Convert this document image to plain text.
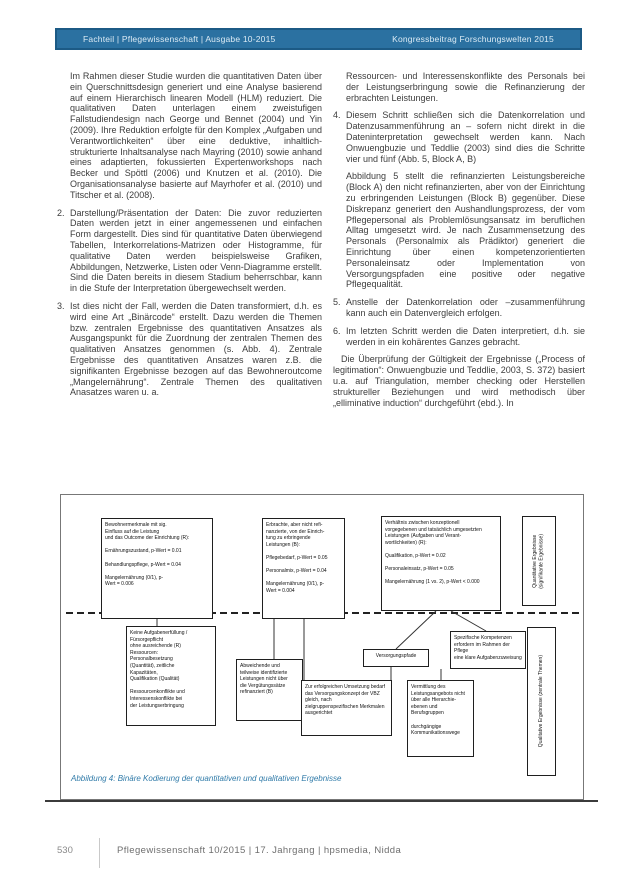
Fachteil | Pflegewissenschaft | Ausgabe 10-2015	Kongressbeitrag Forschungswelten 2015
Im Rahmen dieser Studie wurden die quantitativen Daten über ein Querschnittsdesign generiert und eine Analyse basierend auf einem Hierarchisch linearen Modell (HLM) reduziert. Die qualitativen Daten unterlagen einem zweistufigen Fallstudiendesign nach George und Bennet (2004) und Yin (2009). Ihre Reduktion erfolgte für den Komplex „Aufgaben und Verantwortlichkeiten“ über eine deduktive, inhaltlich-strukturierte Inhaltsanalyse nach Mayring (2010) sowie anhand eines adaptierten, fokussierten Expertenworkshops nach Becker und Spöttl (2006) und Knutzen et al. (2010). Die Organisationsanalyse basierte auf Mayrhofer et al. (2010) und Titscher et al. (2008).
2. Darstellung/Präsentation der Daten: Die zuvor reduzierten Daten werden jetzt in einer angemessenen und einfachen Form dargestellt. Dies sind für quantitative Daten überwiegend Tabellen, Interkorrelations-Matrizen oder Histogramme, für qualitative Daten werden beispielsweise Grafiken, Abbildungen, Netzwerke, Listen oder Venn-Diagramme erstellt. Sind die Daten bereits in diesem Stadium beherrschbar, kann in die Stufe der Interpretation übergewechselt werden.
3. Ist dies nicht der Fall, werden die Daten transformiert, d.h. es wird eine Art „Binärcode“ erstellt. Dazu werden die Themen bzw. zentralen Ergebnisse des quantitativen Ansatzes als Ausgangspunkt für die Zuordnung der zentralen Themen des qualitativen Ansatzes genommen (s. Abb. 4). Zentrale Ergebnisse des quantitativen Ansatzes waren z.B. die signifikanten Ergebnisse bezogen auf das Bewohneroutcome „Mangelernährung“. Zentrale Themen des qualitativen Anasatzes waren u. a.
Ressourcen- und Interessenskonflikte des Personals bei der Leistungserbringung sowie die Refinanzierung der erbrachten Leistungen.
4. Diesem Schritt schließen sich die Datenkorrelation und Datenzusammenführung an – sofern nicht direkt in die Dateninterpretation gewechselt werden kann. Nach Onwuengbuzie und Teddlie (2003) sind dies die Schritte vier und fünf (Abb. 5, Block A, B)
Abbildung 5 stellt die refinanzierten Leistungsbereiche (Block A) den nicht refinanzierten, aber von der Einrichtung zu erbringenden Leistungen (Block B) gegenüber. Diese Diskrepanz generiert den Aushandlungsprozess, der vom Pflegepersonal als Problemlösungsansatz im beruflichen Alltag umgesetzt wird. Je nach Zusammensetzung des Personals (Personalmix als Prädiktor) generiert die Einrichtung über einen kompetenzorientierten Personaleinsatz oder Implementation von Versorgungspfaden eine positive oder negative Pflegequalität.
5. Anstelle der Datenkorrelation oder –zusammenführung kann auch ein Datenvergleich erfolgen.
6. Im letzten Schritt werden die Daten interpretiert, d.h. sie werden in ein kohärentes Ganzes gebracht.
Die Überprüfung der Gültigkeit der Ergebnisse („Process of legitimation“: Onwuengbuzie und Teddlie, 2003, S. 372) basiert u.a. auf Triangulation, member checking oder Herstellen struktureller Beziehungen und wird methodisch über „elliminative induction“ durchgeführt (ebd.). In
Bewohnermerkmale mit sig.
Einfluss auf die Leistung
und das Outcome der Einrichtung (R):

Ernährungszustand, p-Wert = 0.01

Behandlungspflege, p-Wert = 0.04

Mangelernährung (0/1), p-
Wert = 0.006
Erbrachte, aber nicht refi-
nanzierte, von der Einrich-
tung zu erbringende
Leistungen (B):

Pflegebedarf, p-Wert = 0.05

Personalmix, p-Wert = 0.04

Mangelernährung (0/1), p-
Wert = 0.004
Verhältnis zwischen konzeptionell
vorgegebenen und tatsächlich umgesetzten
Leistungen (Aufgaben und Verant-
wortlichkeiten) (R):

Qualifikation, p-Wert = 0.02

Personaleinsatz, p-Wert = 0.05

Mangelernährung (1 vs. 2), p-Wert < 0.000	Quantitative Ergebnisse
(signifikante Ergebnisse)
Keine Aufgabenerfüllung /
Fürsorgepflicht
ohne ausreichende (R)
Ressourcen:
Personalbesetzung
(Quantität), zeitliche
Kapazitäten,
Qualifikation (Qualität)

Ressourcenkonflikte und
Interessenskonflikte bei
der Leistungserbringung
Abweichende und
teilweise identifizierte
Leistungen nicht über
die Vergütungssätze
refinanziert (B)
Zur erfolgreichen Umsetzung bedarf
das Versorgungskonzept der VBZ
gleich, nach
zielgruppenspezifischen Merkmalen
ausgerichtet
Vermittlung des
Leistungsangebots nicht
über alle Hierarchie-
ebenen und
Berufsgruppen

durchgängige
Kommunikationswege
Versorgungspfade
Spezifische Kompetenzen
erfordern im Rahmen der Pflege
eine klare Aufgabenzuweisung	Qualitative Ergebnisse (zentrale Themen)
Abbildung 4: Binäre Kodierung der quantitativen und qualitativen Ergebnisse
530	Pflegewissenschaft 10/2015 | 17. Jahrgang | hpsmedia, Nidda
